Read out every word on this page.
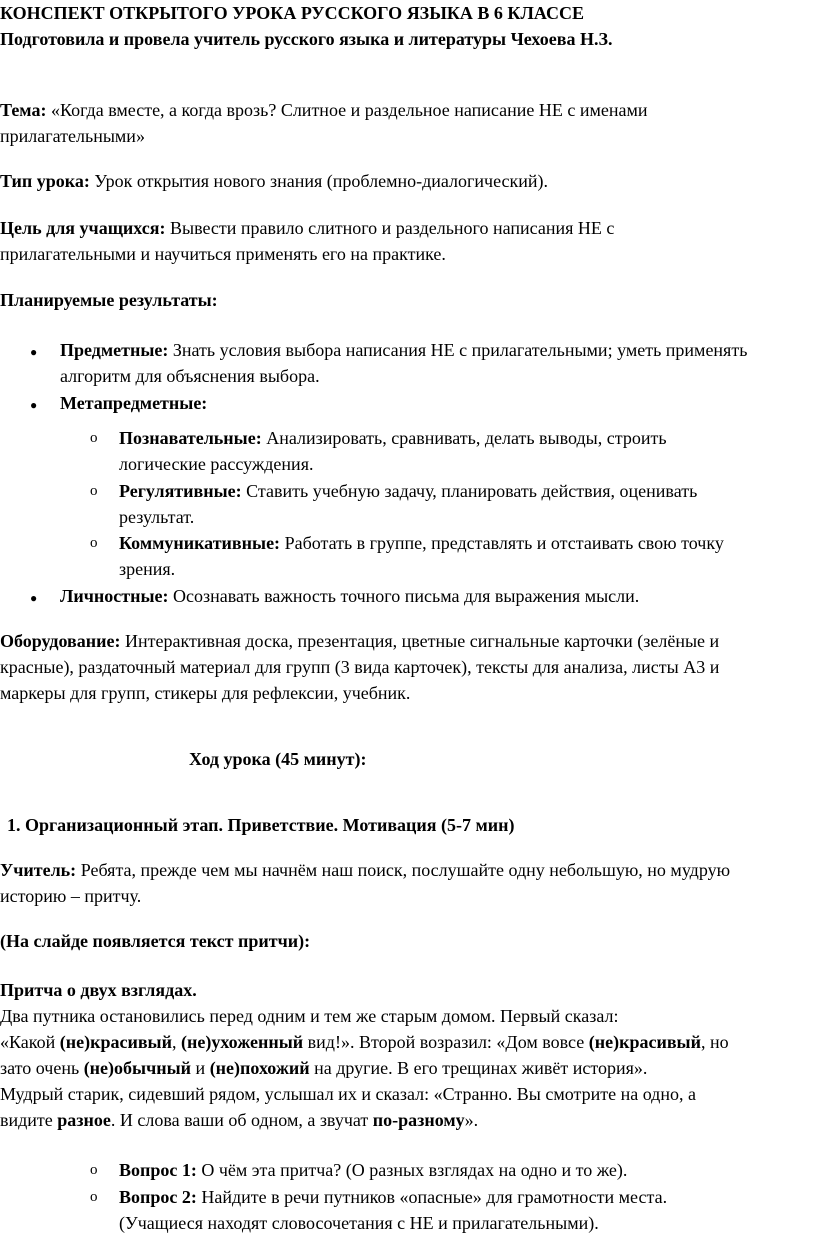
КОНСПЕКТ ОТКРЫТОГО УРОКА РУССКОГО ЯЗЫКА В 6 КЛАССЕ
Подготовила и провела учитель русского языка и литературы Чехоева Н.З.
Тема: «Когда вместе, а когда врозь? Слитное и раздельное написание НЕ с именами
прилагательными»
Тип урока: Урок открытия нового знания (проблемно-диалогический).
Цель для учащихся: Вывести правило слитного и раздельного написания НЕ с
прилагательными и научиться применять его на практике.
Планируемые результаты:
● Предметные: Знать условия выбора написания НЕ с прилагательными; уметь применять
алгоритм для объяснения выбора.
● Метапредметные:
o Познавательные: Анализировать, сравнивать, делать выводы, строить
логические рассуждения.
o Регулятивные: Ставить учебную задачу, планировать действия, оценивать
результат.
o Коммуникативные: Работать в группе, представлять и отстаивать свою точку
зрения.
● Личностные: Осознавать важность точного письма для выражения мысли.
Оборудование: Интерактивная доска, презентация, цветные сигнальные карточки (зелёные и
красные), раздаточный материал для групп (3 вида карточек), тексты для анализа, листы А3 и
маркеры для групп, стикеры для рефлексии, учебник.
Ход урока (45 минут):
1. Организационный этап. Приветствие. Мотивация (5-7 мин)
Учитель: Ребята, прежде чем мы начнём наш поиск, послушайте одну небольшую, но мудрую
историю – притчу.
(На слайде появляется текст притчи):
Притча о двух взглядах.
Два путника остановились перед одним и тем же старым домом. Первый сказал:
«Какой (не)красивый, (не)ухоженный вид!». Второй возразил: «Дом вовсе (не)красивый, но
зато очень (не)обычный и (не)похожий на другие. В его трещинах живёт история».
Мудрый старик, сидевший рядом, услышал их и сказал: «Странно. Вы смотрите на одно, а
видите разное. И слова ваши об одном, а звучат по-разному».
o Вопрос 1: О чём эта притча? (О разных взглядах на одно и то же).
o Вопрос 2: Найдите в речи путников «опасные» для грамотности места.
(Учащиеся находят словосочетания с НЕ и прилагательными).
